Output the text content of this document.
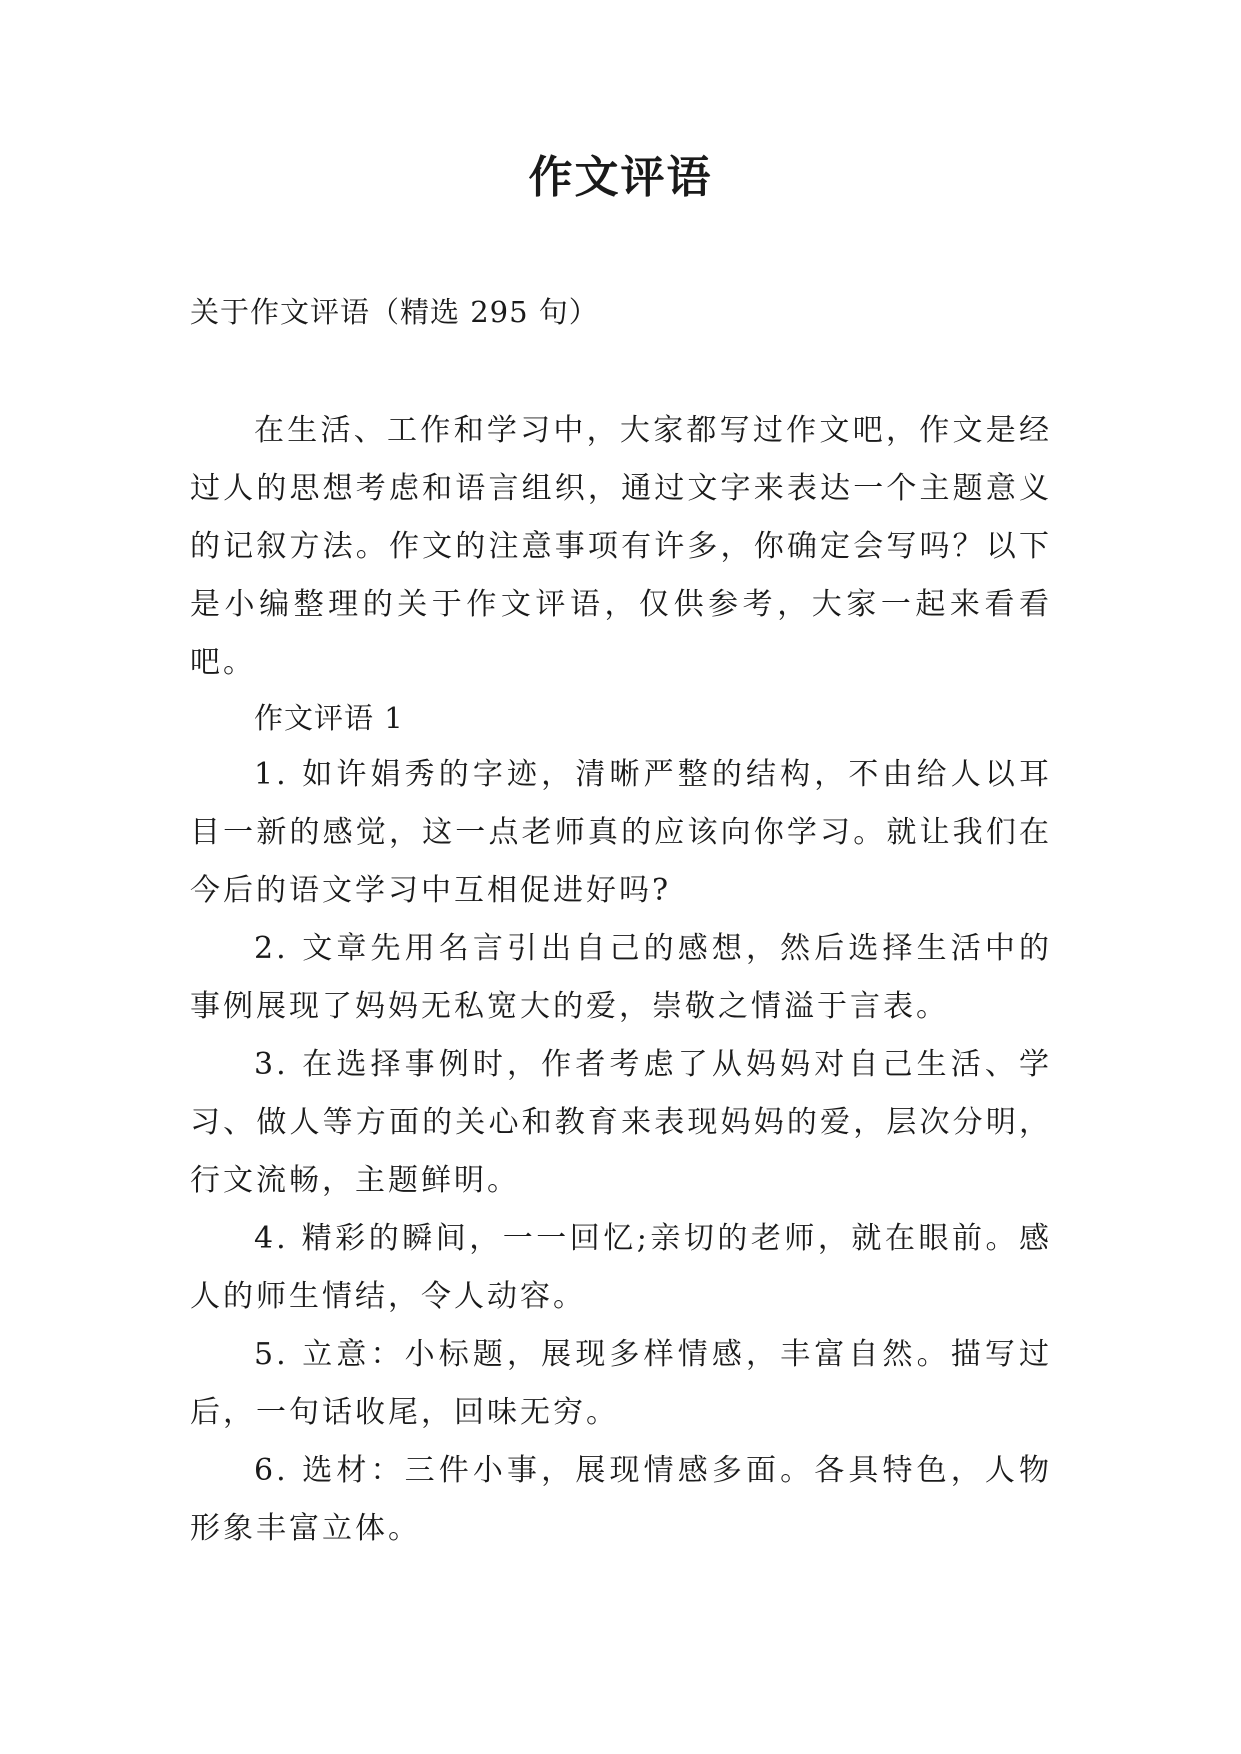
作文评语
关于作文评语（精选 295 句）
在生活、工作和学习中，大家都写过作文吧，作文是经过人的思想考虑和语言组织，通过文字来表达一个主题意义的记叙方法。作文的注意事项有许多，你确定会写吗？以下是小编整理的关于作文评语，仅供参考，大家一起来看看吧。
作文评语 1

1. 如许娟秀的字迹，清晰严整的结构，不由给人以耳目一新的感觉，这一点老师真的应该向你学习。就让我们在今后的语文学习中互相促进好吗?

2. 文章先用名言引出自己的感想，然后选择生活中的事例展现了妈妈无私宽大的爱，崇敬之情溢于言表。

3. 在选择事例时，作者考虑了从妈妈对自己生活、学习、做人等方面的关心和教育来表现妈妈的爱，层次分明，行文流畅，主题鲜明。

4. 精彩的瞬间，一一回忆;亲切的老师，就在眼前。感人的师生情结，令人动容。

5. 立意：小标题，展现多样情感，丰富自然。描写过后，一句话收尾，回味无穷。

6. 选材：三件小事，展现情感多面。各具特色，人物形象丰富立体。
